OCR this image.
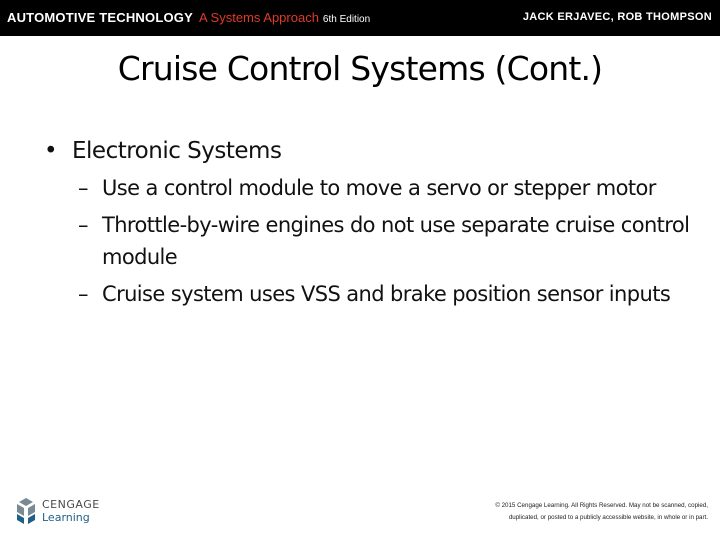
AUTOMOTIVE TECHNOLOGY A Systems Approach 6th Edition	JACK ERJAVEC, ROB THOMPSON
Cruise Control Systems (Cont.)
• Electronic Systems
– Use a control module to move a servo or stepper motor
– Throttle-by-wire engines do not use separate cruise control module
– Cruise system uses VSS and brake position sensor inputs
CENGAGE
Learning
© 2015 Cengage Learning. All Rights Reserved. May not be scanned, copied,
duplicated, or posted to a publicly accessible website, in whole or in part.
